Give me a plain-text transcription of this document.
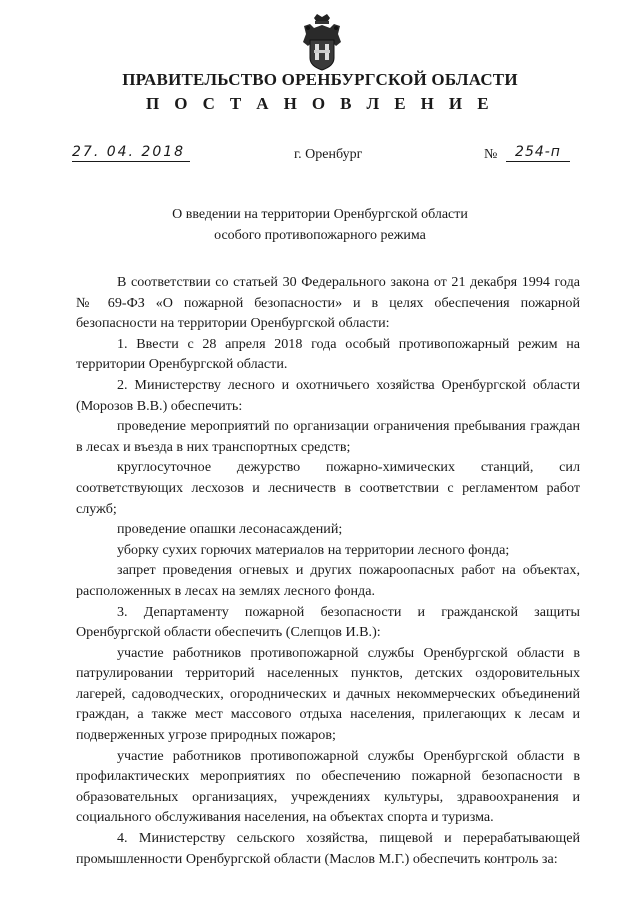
ПРАВИТЕЛЬСТВО ОРЕНБУРГСКОЙ ОБЛАСТИ
П О С Т А Н О В Л Е Н И Е
27. 04. 2018	г. Оренбург	№	254-п
О введении на территории Оренбургской области
особого противопожарного режима

В соответствии со статьей 30 Федерального закона от 21 декабря 1994 года № 69-ФЗ «О пожарной безопасности» и в целях обеспечения пожарной безопасности на территории Оренбургской области:

1. Ввести с 28 апреля 2018 года особый противопожарный режим на территории Оренбургской области.

2. Министерству лесного и охотничьего хозяйства Оренбургской области (Морозов В.В.) обеспечить:

проведение мероприятий по организации ограничения пребывания граждан в лесах и въезда в них транспортных средств;

круглосуточное дежурство пожарно-химических станций, сил соответствующих лесхозов и лесничеств в соответствии с регламентом работ служб;

проведение опашки лесонасаждений;

уборку сухих горючих материалов на территории лесного фонда;

запрет проведения огневых и других пожароопасных работ на объектах, расположенных в лесах на землях лесного фонда.

3. Департаменту пожарной безопасности и гражданской защиты Оренбургской области обеспечить (Слепцов И.В.):

участие работников противопожарной службы Оренбургской области в патрулировании территорий населенных пунктов, детских оздоровительных лагерей, садоводческих, огороднических и дачных некоммерческих объединений граждан, а также мест массового отдыха населения, прилегающих к лесам и подверженных угрозе природных пожаров;

участие работников противопожарной службы Оренбургской области в профилактических мероприятиях по обеспечению пожарной безопасности в образовательных организациях, учреждениях культуры, здравоохранения и социального обслуживания населения, на объектах спорта и туризма.

4. Министерству сельского хозяйства, пищевой и перерабатывающей промышленности Оренбургской области (Маслов М.Г.) обеспечить контроль за:
